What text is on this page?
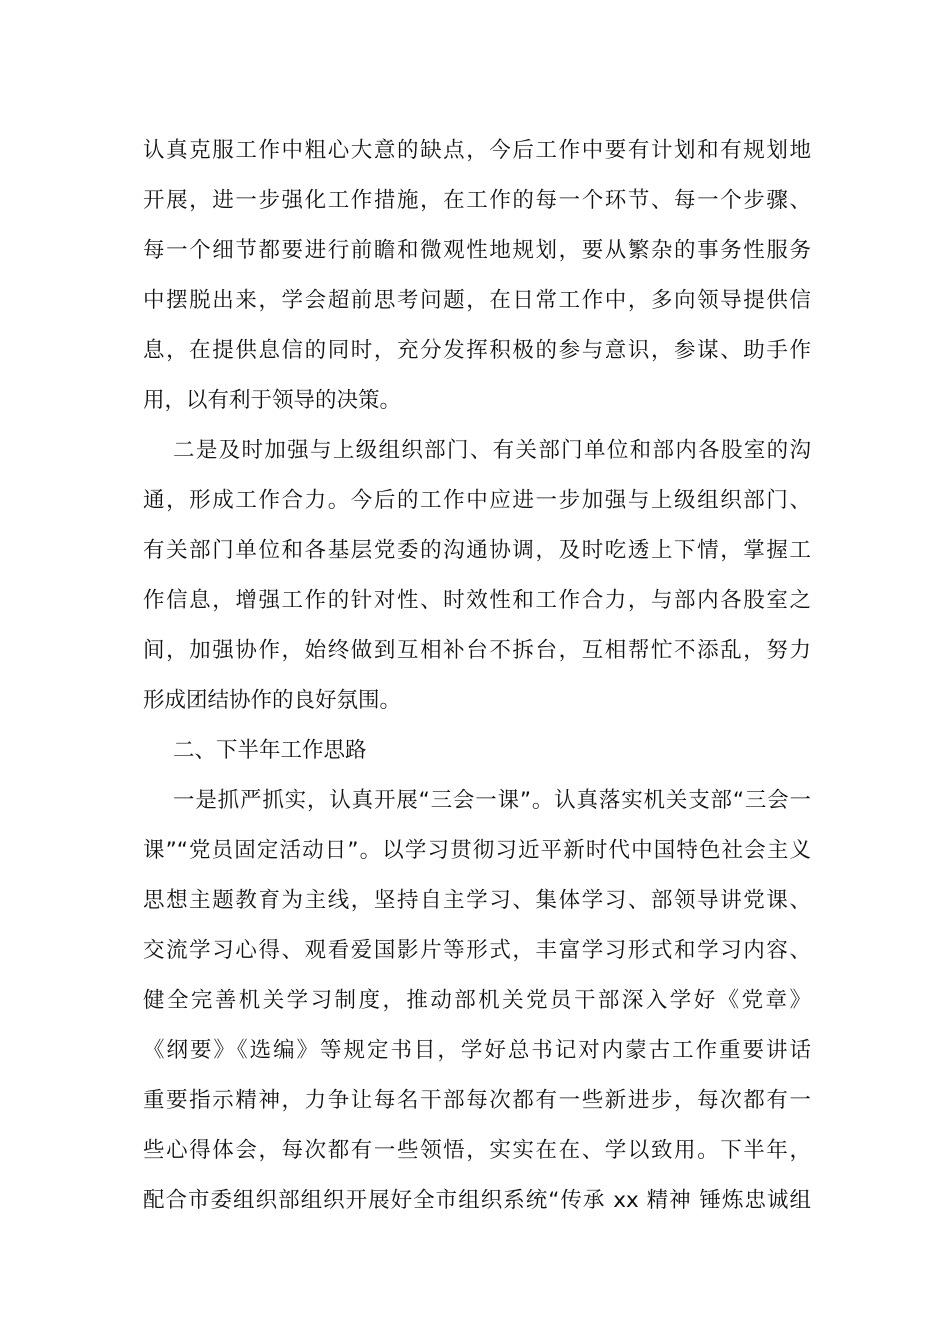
认真克服工作中粗心大意的缺点，今后工作中要有计划和有规划地
开展，进一步强化工作措施，在工作的每一个环节、每一个步骤、
每一个细节都要进行前瞻和微观性地规划，要从繁杂的事务性服务
中摆脱出来，学会超前思考问题，在日常工作中，多向领导提供信
息，在提供息信的同时，充分发挥积极的参与意识，参谋、助手作
用，以有利于领导的决策。
二是及时加强与上级组织部门、有关部门单位和部内各股室的沟
通，形成工作合力。今后的工作中应进一步加强与上级组织部门、
有关部门单位和各基层党委的沟通协调，及时吃透上下情，掌握工
作信息，增强工作的针对性、时效性和工作合力，与部内各股室之
间，加强协作，始终做到互相补台不拆台，互相帮忙不添乱，努力
形成团结协作的良好氛围。
二、下半年工作思路
一是抓严抓实，认真开展“三会一课”。认真落实机关支部“三会一
课”“党员固定活动日”。以学习贯彻习近平新时代中国特色社会主义
思想主题教育为主线，坚持自主学习、集体学习、部领导讲党课、
交流学习心得、观看爱国影片等形式，丰富学习形式和学习内容、
健全完善机关学习制度，推动部机关党员干部深入学好《党章》
《纲要》《选编》等规定书目，学好总书记对内蒙古工作重要讲话
重要指示精神，力争让每名干部每次都有一些新进步，每次都有一
些心得体会，每次都有一些领悟，实实在在、学以致用。下半年，
配合市委组织部组织开展好全市组织系统“传承 xx 精神 锤炼忠诚组
